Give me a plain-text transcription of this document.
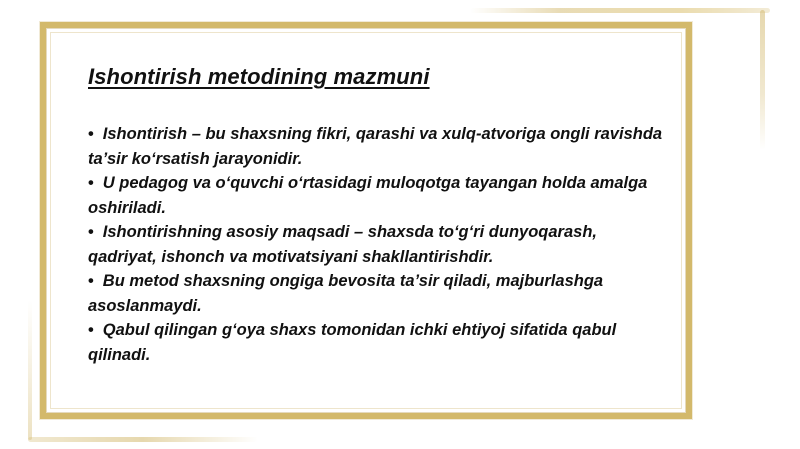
Ishontirish metodining mazmuni
• Ishontirish – bu shaxsning fikri, qarashi va xulq-atvoriga ongli ravishda ta’sir ko‘rsatish jarayonidir.
• U pedagog va o‘quvchi o‘rtasidagi muloqotga tayangan holda amalga oshiriladi.
• Ishontirishning asosiy maqsadi – shaxsda to‘g‘ri dunyoqarash, qadriyat, ishonch va motivatsiyani shakllantirishdir.
• Bu metod shaxsning ongiga bevosita ta’sir qiladi, majburlashga asoslanmaydi.
• Qabul qilingan g‘oya shaxs tomonidan ichki ehtiyoj sifatida qabul qilinadi.
